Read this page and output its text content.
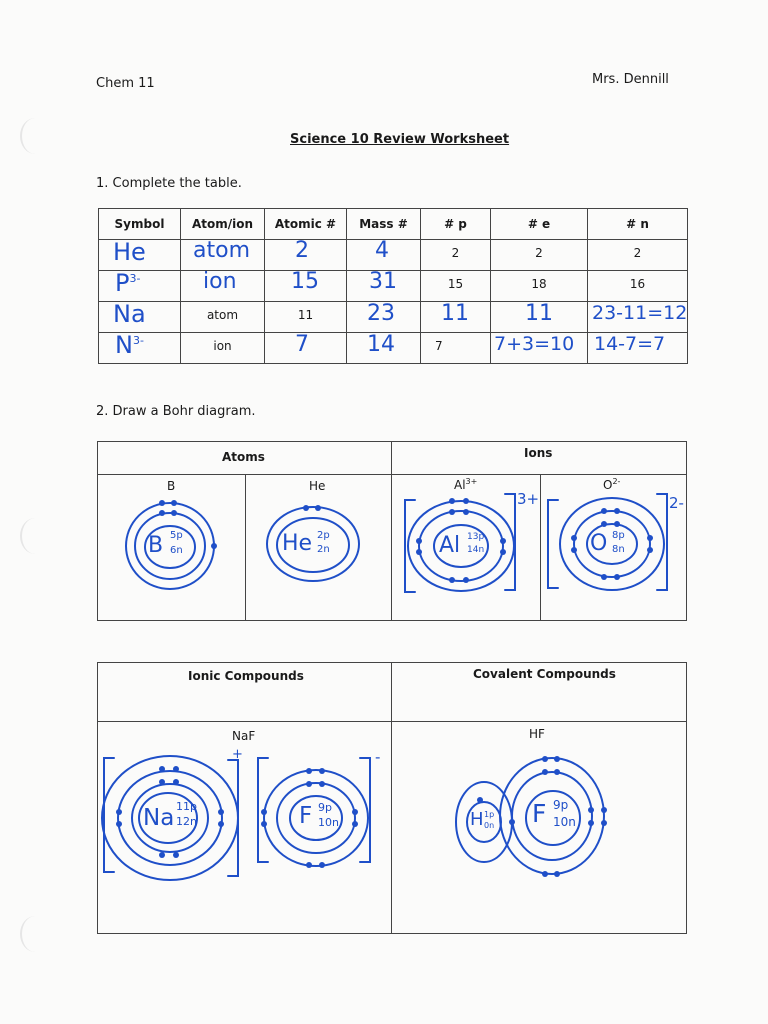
Chem 11	Mrs. Dennill
Science 10 Review Worksheet
1. Complete the table.
Symbol	Atom/ion	Atomic #	Mass #	# p	# e	# n

He	atom	2	4	2	2	2

$P^{3-}$	ion	15	31	15	18	16

Na	atom	11	23	11	11	23-11=12

$N^{3-}$	ion	7	14	7	7+3=10	14-7=7
2. Draw a Bohr diagram.
Atoms	Ions
B	He	$Al^{3+}$	$O^{2-}$
Ionic Compounds	Covalent Compounds
NaF	HF
B 5p
6n	He 2p
2n	Al 13p
14n
3+
O 8p
8n
2-
Na 11p
12n
+
F 9p
10n
-
H 1p
0n F 9p
10n
